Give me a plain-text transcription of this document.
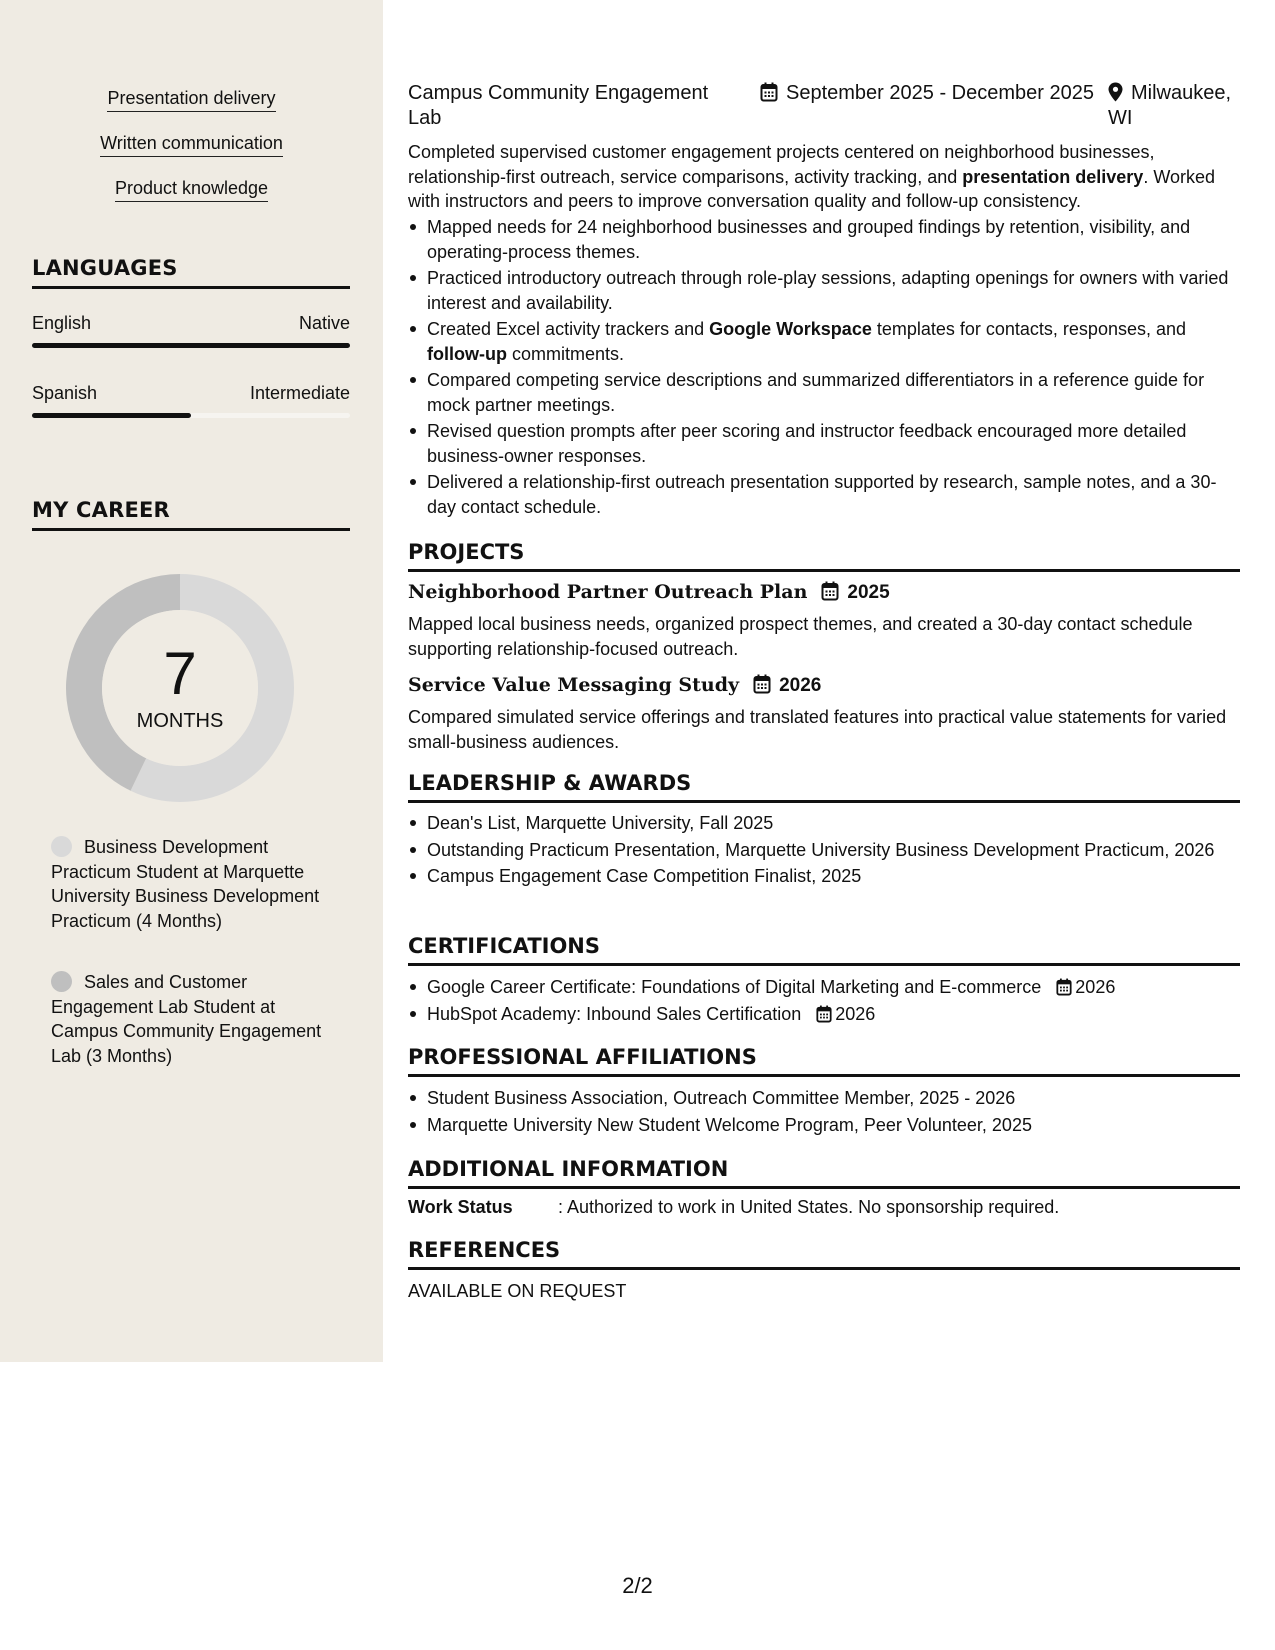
Presentation delivery
Written communication
Product knowledge
LANGUAGES
English	Native
Spanish	Intermediate
MY CAREER
7
MONTHS
Business Development Practicum Student at Marquette University Business Development Practicum (4 Months)
Sales and Customer Engagement Lab Student at Campus Community Engagement Lab (3 Months)
Campus Community Engagement Lab
September 2025 - December 2025	Milwaukee, WI
Completed supervised customer engagement projects centered on neighborhood businesses, relationship-first outreach, service comparisons, activity tracking, and presentation delivery. Worked with instructors and peers to improve conversation quality and follow-up consistency.
Mapped needs for 24 neighborhood businesses and grouped findings by retention, visibility, and operating-process themes.
Practiced introductory outreach through role-play sessions, adapting openings for owners with varied interest and availability.
Created Excel activity trackers and Google Workspace templates for contacts, responses, and follow-up commitments.
Compared competing service descriptions and summarized differentiators in a reference guide for mock partner meetings.
Revised question prompts after peer scoring and instructor feedback encouraged more detailed business-owner responses.
Delivered a relationship-first outreach presentation supported by research, sample notes, and a 30-day contact schedule.
PROJECTS
Neighborhood Partner Outreach Plan 2025
Mapped local business needs, organized prospect themes, and created a 30-day contact schedule supporting relationship-focused outreach.
Service Value Messaging Study 2026
Compared simulated service offerings and translated features into practical value statements for varied small-business audiences.
LEADERSHIP & AWARDS
Dean's List, Marquette University, Fall 2025
Outstanding Practicum Presentation, Marquette University Business Development Practicum, 2026
Campus Engagement Case Competition Finalist, 2025
CERTIFICATIONS
Google Career Certificate: Foundations of Digital Marketing and E-commerce 2026
HubSpot Academy: Inbound Sales Certification 2026
PROFESSIONAL AFFILIATIONS
Student Business Association, Outreach Committee Member, 2025 - 2026
Marquette University New Student Welcome Program, Peer Volunteer, 2025
ADDITIONAL INFORMATION
Work Status	: Authorized to work in United States. No sponsorship required.
REFERENCES
AVAILABLE ON REQUEST
2/2
